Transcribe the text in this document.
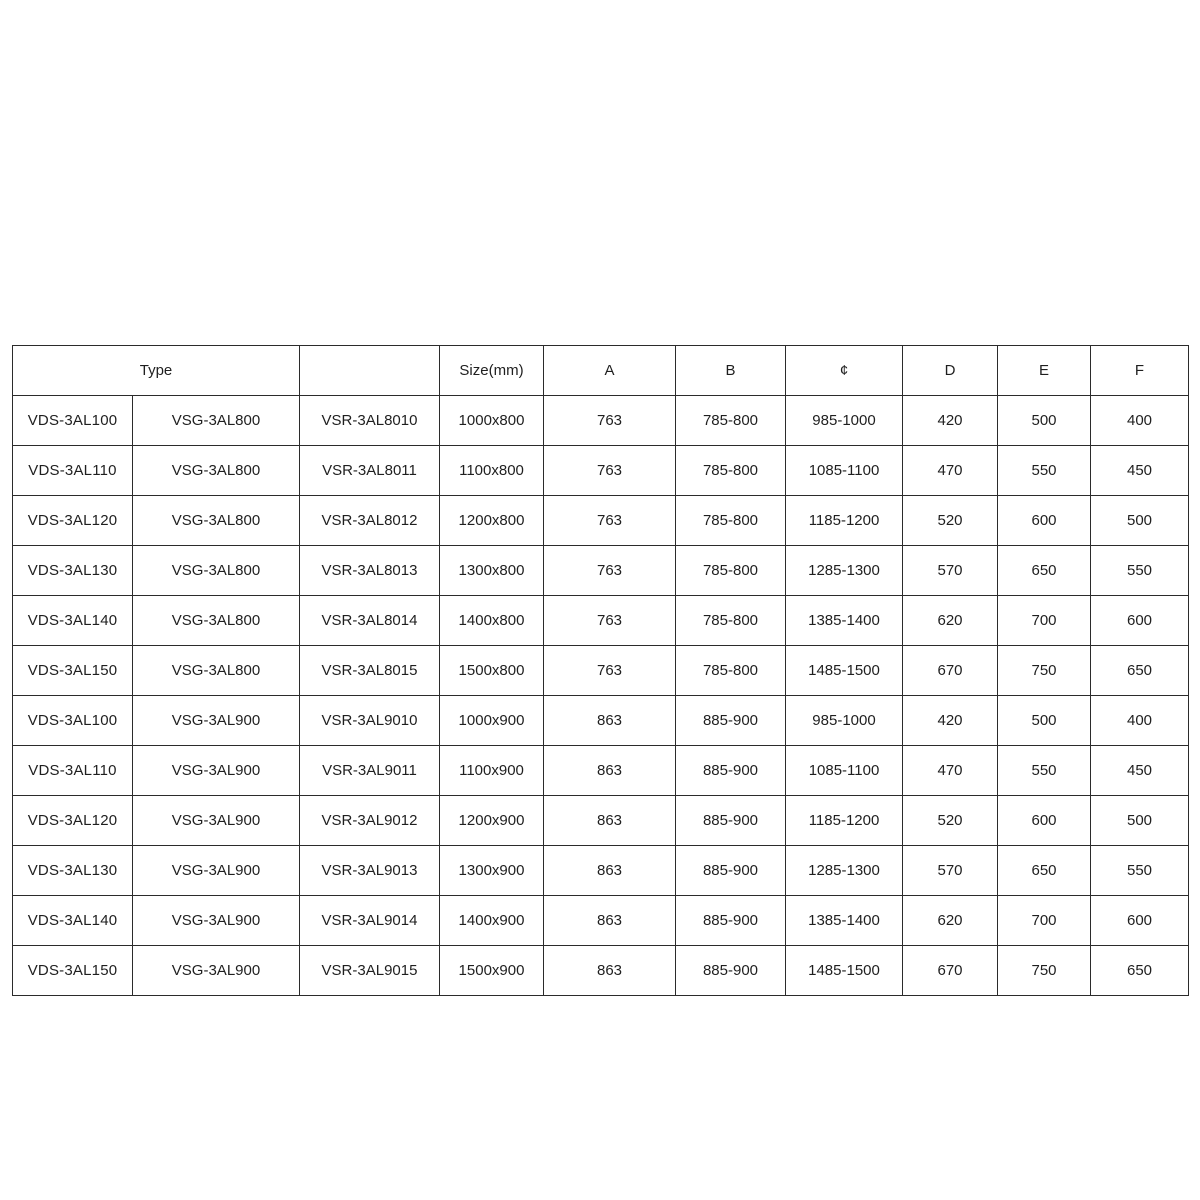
Type			Size(mm)	A	B	¢	D	E	F
VDS-3AL100	VSG-3AL800	VSR-3AL8010	1000x800	763	785-800	985-1000	420	500	400
VDS-3AL110	VSG-3AL800	VSR-3AL8011	1100x800	763	785-800	1085-1100	470	550	450
VDS-3AL120	VSG-3AL800	VSR-3AL8012	1200x800	763	785-800	1185-1200	520	600	500
VDS-3AL130	VSG-3AL800	VSR-3AL8013	1300x800	763	785-800	1285-1300	570	650	550
VDS-3AL140	VSG-3AL800	VSR-3AL8014	1400x800	763	785-800	1385-1400	620	700	600
VDS-3AL150	VSG-3AL800	VSR-3AL8015	1500x800	763	785-800	1485-1500	670	750	650
VDS-3AL100	VSG-3AL900	VSR-3AL9010	1000x900	863	885-900	985-1000	420	500	400
VDS-3AL110	VSG-3AL900	VSR-3AL9011	1100x900	863	885-900	1085-1100	470	550	450
VDS-3AL120	VSG-3AL900	VSR-3AL9012	1200x900	863	885-900	1185-1200	520	600	500
VDS-3AL130	VSG-3AL900	VSR-3AL9013	1300x900	863	885-900	1285-1300	570	650	550
VDS-3AL140	VSG-3AL900	VSR-3AL9014	1400x900	863	885-900	1385-1400	620	700	600
VDS-3AL150	VSG-3AL900	VSR-3AL9015	1500x900	863	885-900	1485-1500	670	750	650
